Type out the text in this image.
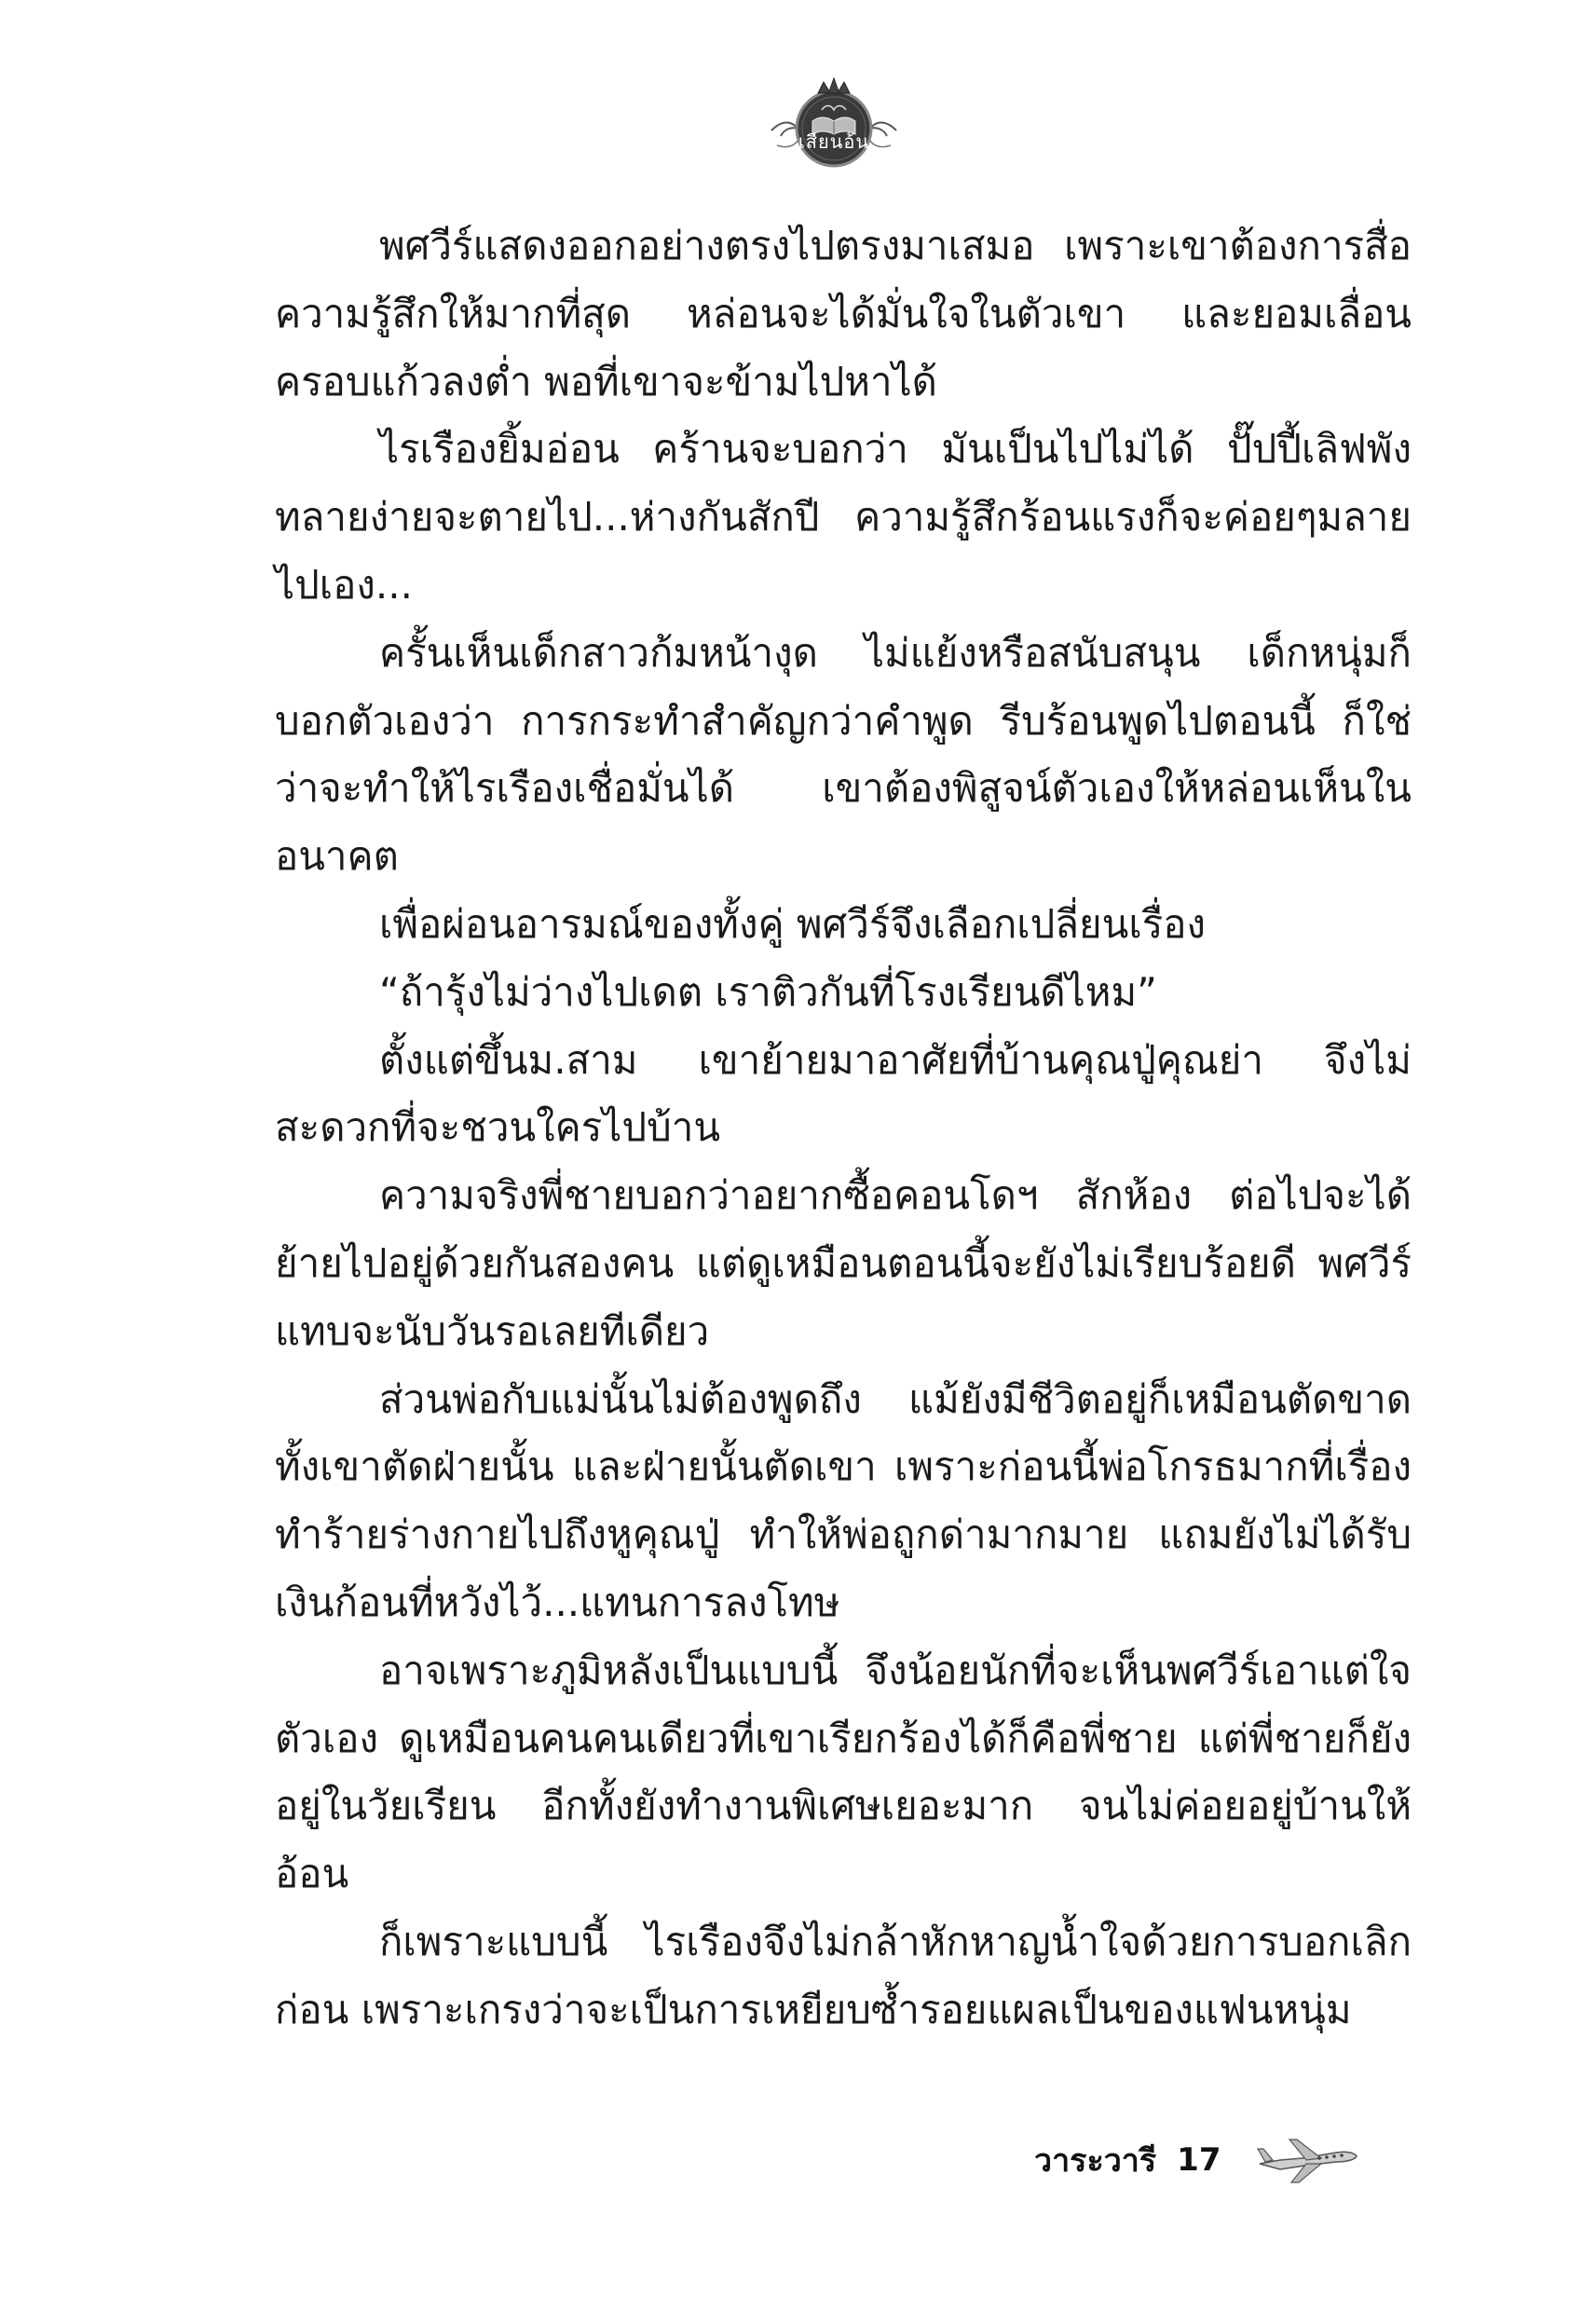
เสียนอ้น

พศวีร์แสดงออกอย่างตรงไปตรงมาเสมอ เพราะเขาต้องการสื่อความรู้สึกให้มากที่สุด หล่อนจะได้มั่นใจในตัวเขา และยอมเลื่อนครอบแก้วลงต่ำ พอที่เขาจะข้ามไปหาได้

ไรเรืองยิ้มอ่อน คร้านจะบอกว่า มันเป็นไปไม่ได้ ปั๊ปปี้เลิฟพังทลายง่ายจะตายไป...ห่างกันสักปี ความรู้สึกร้อนแรงก็จะค่อยๆมลายไปเอง...

ครั้นเห็นเด็กสาวก้มหน้างุด ไม่แย้งหรือสนับสนุน เด็กหนุ่มก็บอกตัวเองว่า การกระทำสำคัญกว่าคำพูด รีบร้อนพูดไปตอนนี้ ก็ใช่ว่าจะทำให้ไรเรืองเชื่อมั่นได้ เขาต้องพิสูจน์ตัวเองให้หล่อนเห็นในอนาคต

เพื่อผ่อนอารมณ์ของทั้งคู่ พศวีร์จึงเลือกเปลี่ยนเรื่อง

“ถ้ารุ้งไม่ว่างไปเดต เราติวกันที่โรงเรียนดีไหม”

ตั้งแต่ขึ้นม.สาม เขาย้ายมาอาศัยที่บ้านคุณปู่คุณย่า จึงไม่สะดวกที่จะชวนใครไปบ้าน

ความจริงพี่ชายบอกว่าอยากซื้อคอนโดฯ สักห้อง ต่อไปจะได้ย้ายไปอยู่ด้วยกันสองคน แต่ดูเหมือนตอนนี้จะยังไม่เรียบร้อยดี พศวีร์แทบจะนับวันรอเลยทีเดียว

ส่วนพ่อกับแม่นั้นไม่ต้องพูดถึง แม้ยังมีชีวิตอยู่ก็เหมือนตัดขาดทั้งเขาตัดฝ่ายนั้น และฝ่ายนั้นตัดเขา เพราะก่อนนี้พ่อโกรธมากที่เรื่องทำร้ายร่างกายไปถึงหูคุณปู่ ทำให้พ่อถูกด่ามากมาย แถมยังไม่ได้รับเงินก้อนที่หวังไว้...แทนการลงโทษ

อาจเพราะภูมิหลังเป็นแบบนี้ จึงน้อยนักที่จะเห็นพศวีร์เอาแต่ใจตัวเอง ดูเหมือนคนคนเดียวที่เขาเรียกร้องได้ก็คือพี่ชาย แต่พี่ชายก็ยังอยู่ในวัยเรียน อีกทั้งยังทำงานพิเศษเยอะมาก จนไม่ค่อยอยู่บ้านให้อ้อน

ก็เพราะแบบนี้ ไรเรืองจึงไม่กล้าหักหาญน้ำใจด้วยการบอกเลิกก่อน เพราะเกรงว่าจะเป็นการเหยียบซ้ำรอยแผลเป็นของแฟนหนุ่ม

วาระวารี 17
